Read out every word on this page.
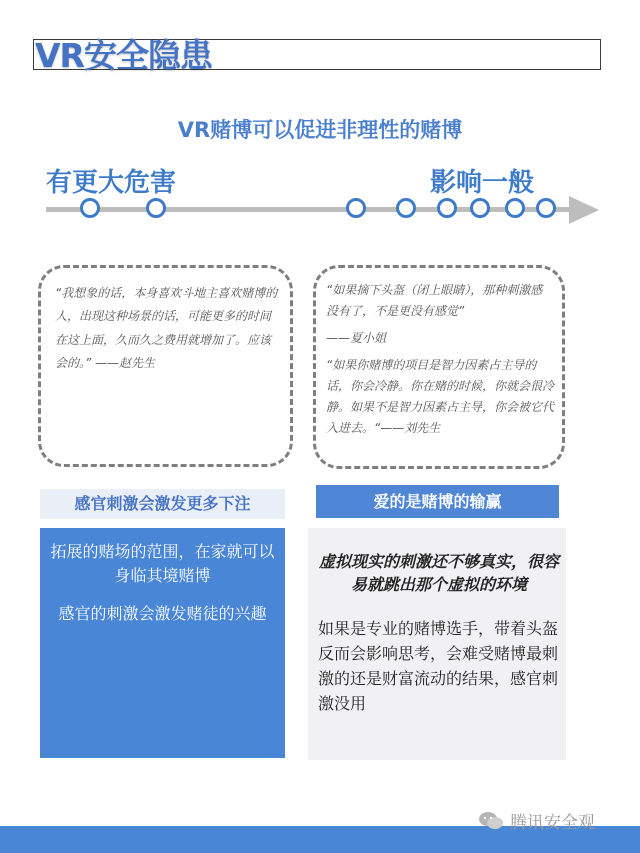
VR安全隐患
VR赌博可以促进非理性的赌博
有更大危害	影响一般

“我想象的话，本身喜欢斗地主喜欢赌博的人，出现这种场景的话，可能更多的时间在这上面，久而久之费用就增加了。应该会的。” ——赵先生

“如果摘下头盔（闭上眼睛），那种刺激感没有了，不是更没有感觉”

——夏小姐

“如果你赌博的项目是智力因素占主导的话，你会冷静。你在赌的时候，你就会很冷静。如果不是智力因素占主导，你会被它代入进去。“——刘先生

感官刺激会激发更多下注	爱的是赌博的输赢

拓展的赌场的范围，在家就可以身临其境赌博

感官的刺激会激发赌徒的兴趣

虚拟现实的刺激还不够真实，很容易就跳出那个虚拟的环境

如果是专业的赌博选手，带着头盔反而会影响思考，会难受赌博最刺激的还是财富流动的结果，感官刺激没用

腾讯安全观
